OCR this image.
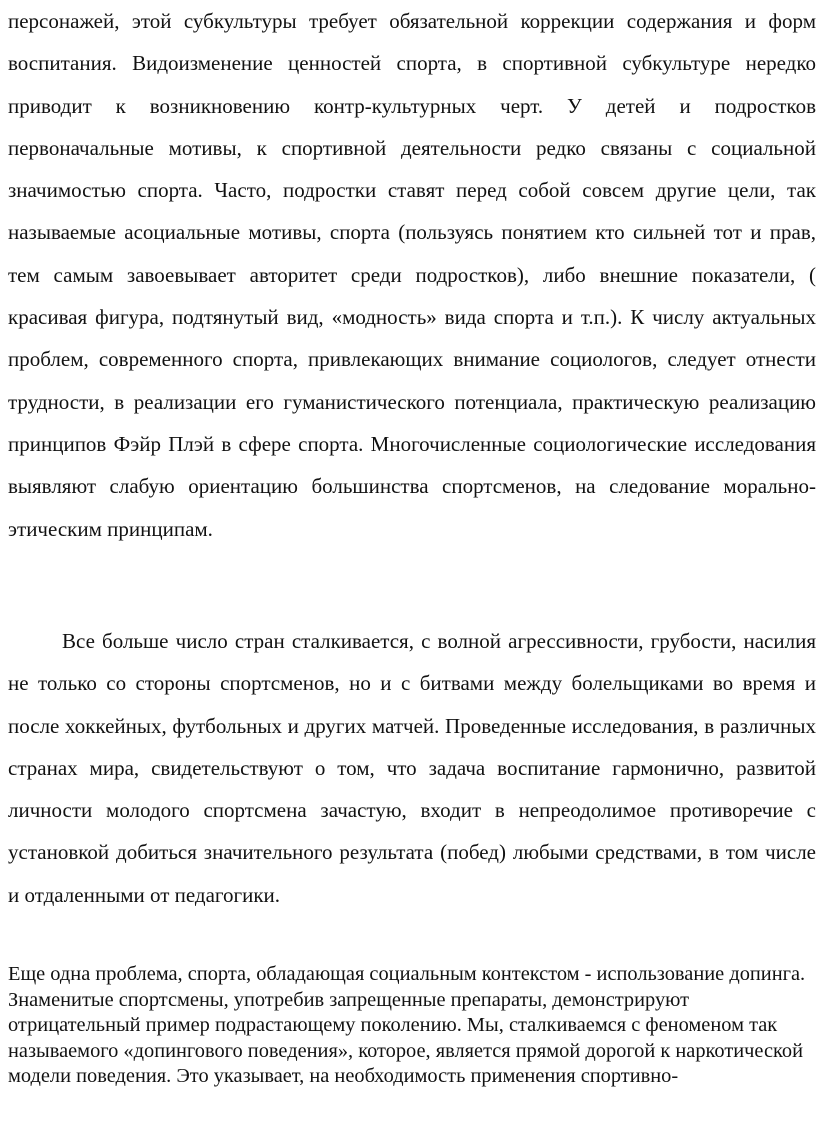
персонажей, этой субкультуры требует обязательной коррекции содержания и форм воспитания. Видоизменение ценностей спорта, в спортивной субкультуре нередко приводит к возникновению контр-культурных черт. У детей и подростков первоначальные мотивы, к спортивной деятельности редко связаны с социальной значимостью спорта. Часто, подростки ставят перед собой совсем другие цели, так называемые асоциальные мотивы, спорта (пользуясь понятием кто сильней тот и прав, тем самым завоевывает авторитет среди подростков), либо внешние показатели, ( красивая фигура, подтянутый вид, «модность» вида спорта и т.п.). К числу актуальных проблем, современного спорта, привлекающих внимание социологов, следует отнести трудности, в реализации его гуманистического потенциала, практическую реализацию принципов Фэйр Плэй в сфере спорта. Многочисленные социологические исследования выявляют слабую ориентацию большинства спортсменов, на следование морально-этическим принципам.

Все больше число стран сталкивается, с волной агрессивности, грубости, насилия не только со стороны спортсменов, но и с битвами между болельщиками во время и после хоккейных, футбольных и других матчей. Проведенные исследования, в различных странах мира, свидетельствуют о том, что задача воспитание гармонично, развитой личности молодого спортсмена зачастую, входит в непреодолимое противоречие с установкой добиться значительного результата (побед) любыми средствами, в том числе и отдаленными от педагогики.

Еще одна проблема, спорта, обладающая социальным контекстом - использование допинга. Знаменитые спортсмены, употребив запрещенные препараты, демонстрируют отрицательный пример подрастающему поколению. Мы, сталкиваемся с феноменом так называемого «допингового поведения», которое, является прямой дорогой к наркотической модели поведения. Это указывает, на необходимость применения спортивно-
